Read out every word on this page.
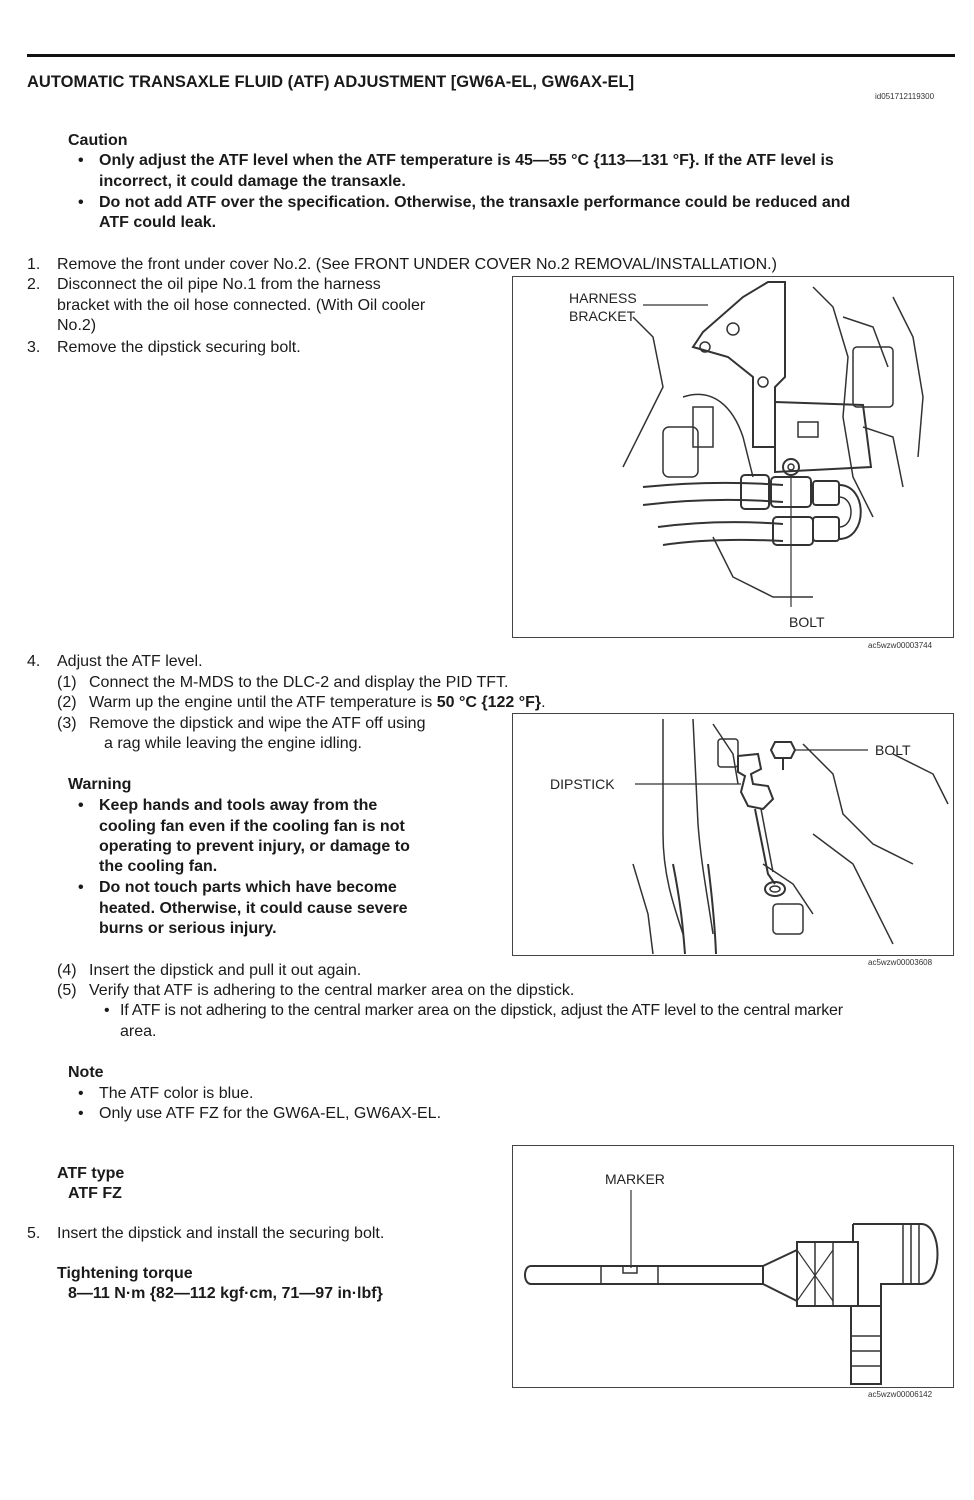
AUTOMATIC TRANSAXLE FLUID (ATF) ADJUSTMENT [GW6A-EL, GW6AX-EL]
id051712119300
Caution
• Only adjust the ATF level when the ATF temperature is 45—55 °C {113—131 °F}. If the ATF level is
incorrect, it could damage the transaxle.
• Do not add ATF over the specification. Otherwise, the transaxle performance could be reduced and
ATF could leak.
1. Remove the front under cover No.2. (See FRONT UNDER COVER No.2 REMOVAL/INSTALLATION.)
2. Disconnect the oil pipe No.1 from the harness
bracket with the oil hose connected. (With Oil cooler
No.2)
3. Remove the dipstick securing bolt.
HARNESS
BRACKET
BOLT
ac5wzw00003744
4. Adjust the ATF level.
(1) Connect the M-MDS to the DLC-2 and display the PID TFT.
(2) Warm up the engine until the ATF temperature is 50 °C {122 °F}.
(3) Remove the dipstick and wipe the ATF off using
a rag while leaving the engine idling.
Warning
• Keep hands and tools away from the
cooling fan even if the cooling fan is not
operating to prevent injury, or damage to
the cooling fan.
• Do not touch parts which have become
heated. Otherwise, it could cause severe
burns or serious injury.
BOLT
DIPSTICK
ac5wzw00003608
(4) Insert the dipstick and pull it out again.
(5) Verify that ATF is adhering to the central marker area on the dipstick.
• If ATF is not adhering to the central marker area on the dipstick, adjust the ATF level to the central marker
area.
Note
• The ATF color is blue.
• Only use ATF FZ for the GW6A-EL, GW6AX-EL.
ATF type
ATF FZ
5. Insert the dipstick and install the securing bolt.
Tightening torque
8—11 N·m {82—112 kgf·cm, 71—97 in·lbf}
MARKER
ac5wzw00006142
